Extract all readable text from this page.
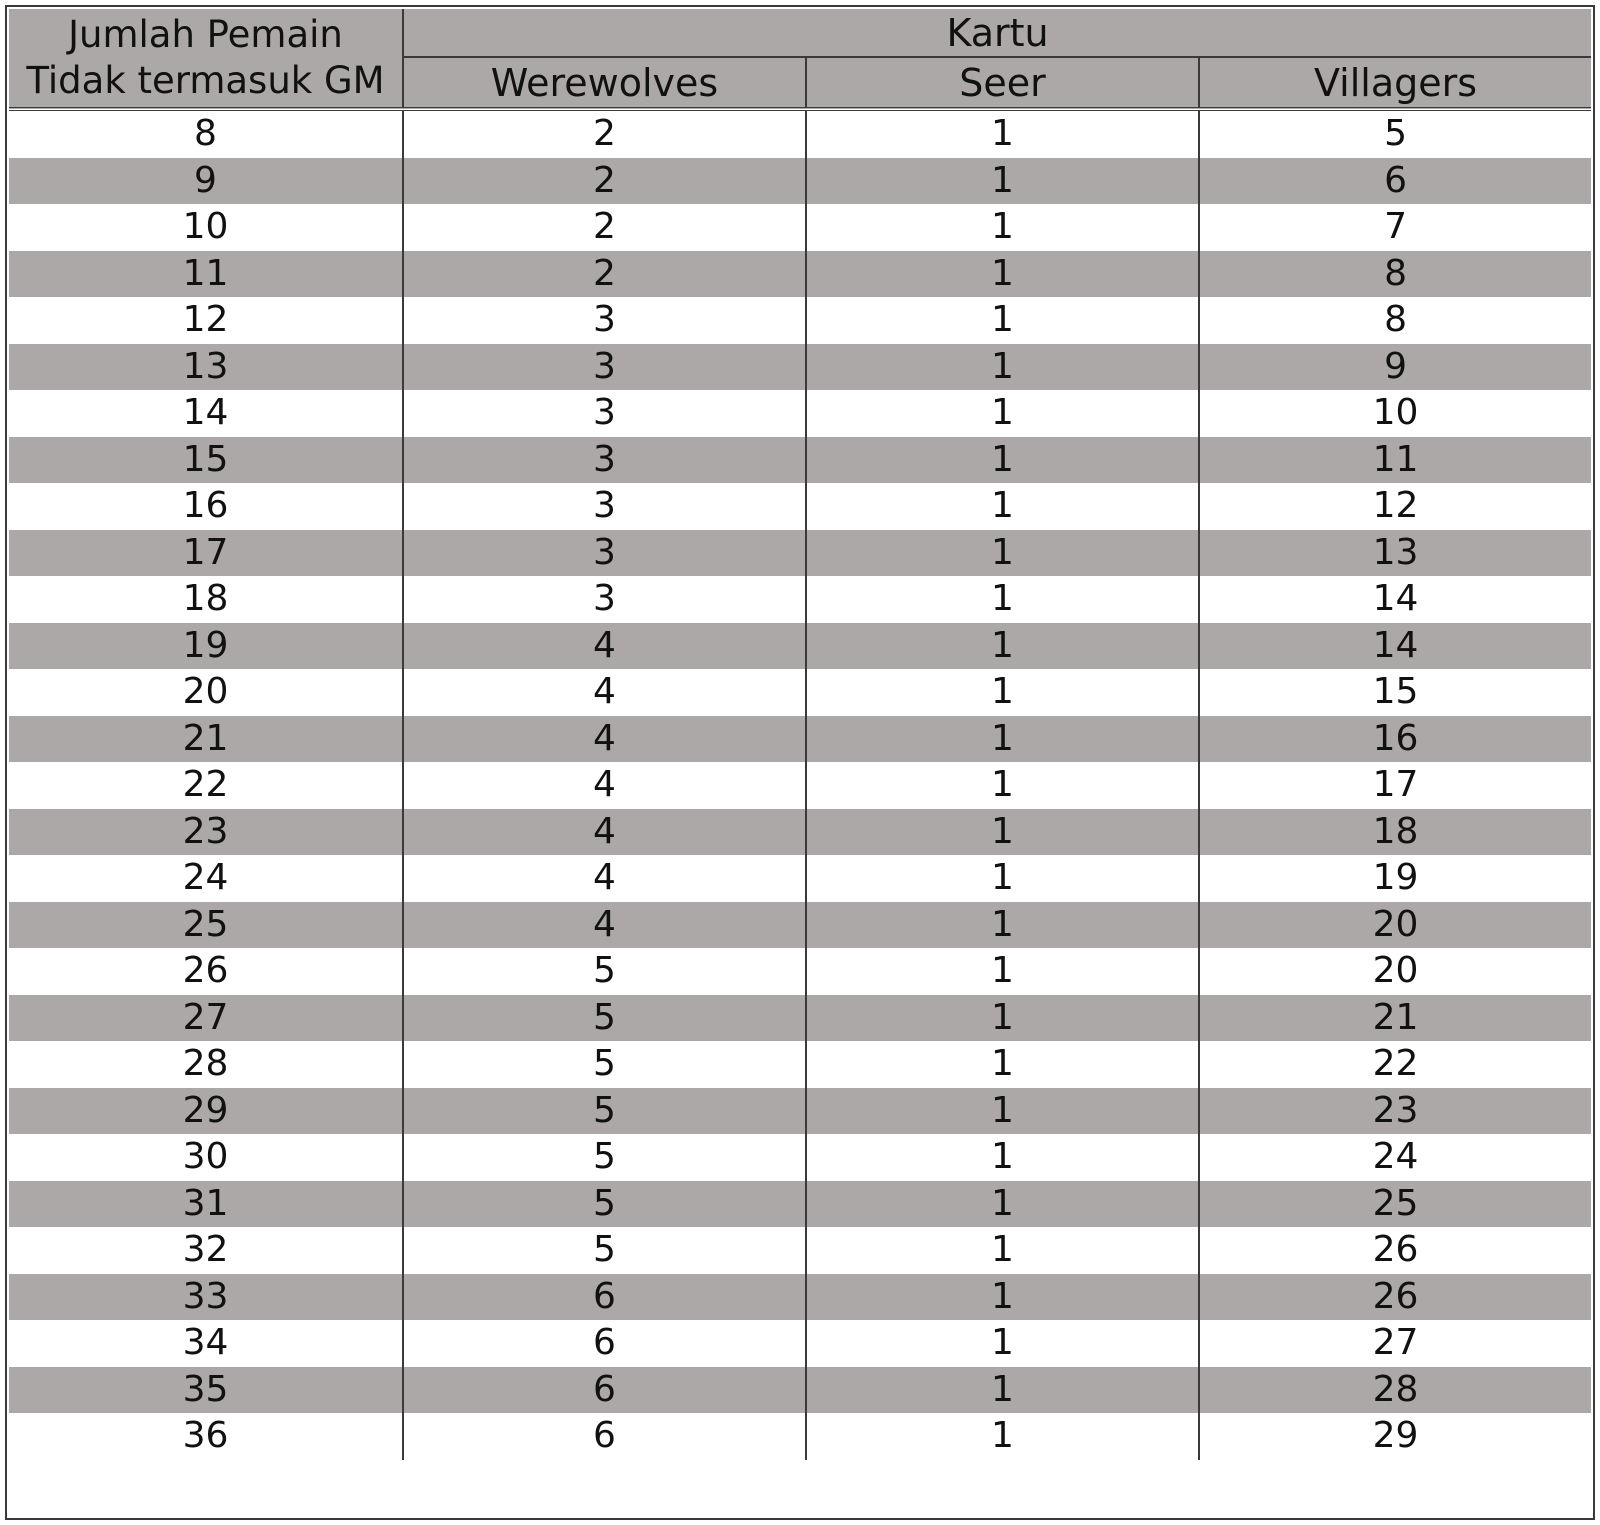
Jumlah Pemain
Tidak termasuk GM	Kartu		
	Werewolves	Seer	Villagers
8	2	1	5
9	2	1	6
10	2	1	7
11	2	1	8
12	3	1	8
13	3	1	9
14	3	1	10
15	3	1	11
16	3	1	12
17	3	1	13
18	3	1	14
19	4	1	14
20	4	1	15
21	4	1	16
22	4	1	17
23	4	1	18
24	4	1	19
25	4	1	20
26	5	1	20
27	5	1	21
28	5	1	22
29	5	1	23
30	5	1	24
31	5	1	25
32	5	1	26
33	6	1	26
34	6	1	27
35	6	1	28
36	6	1	29
